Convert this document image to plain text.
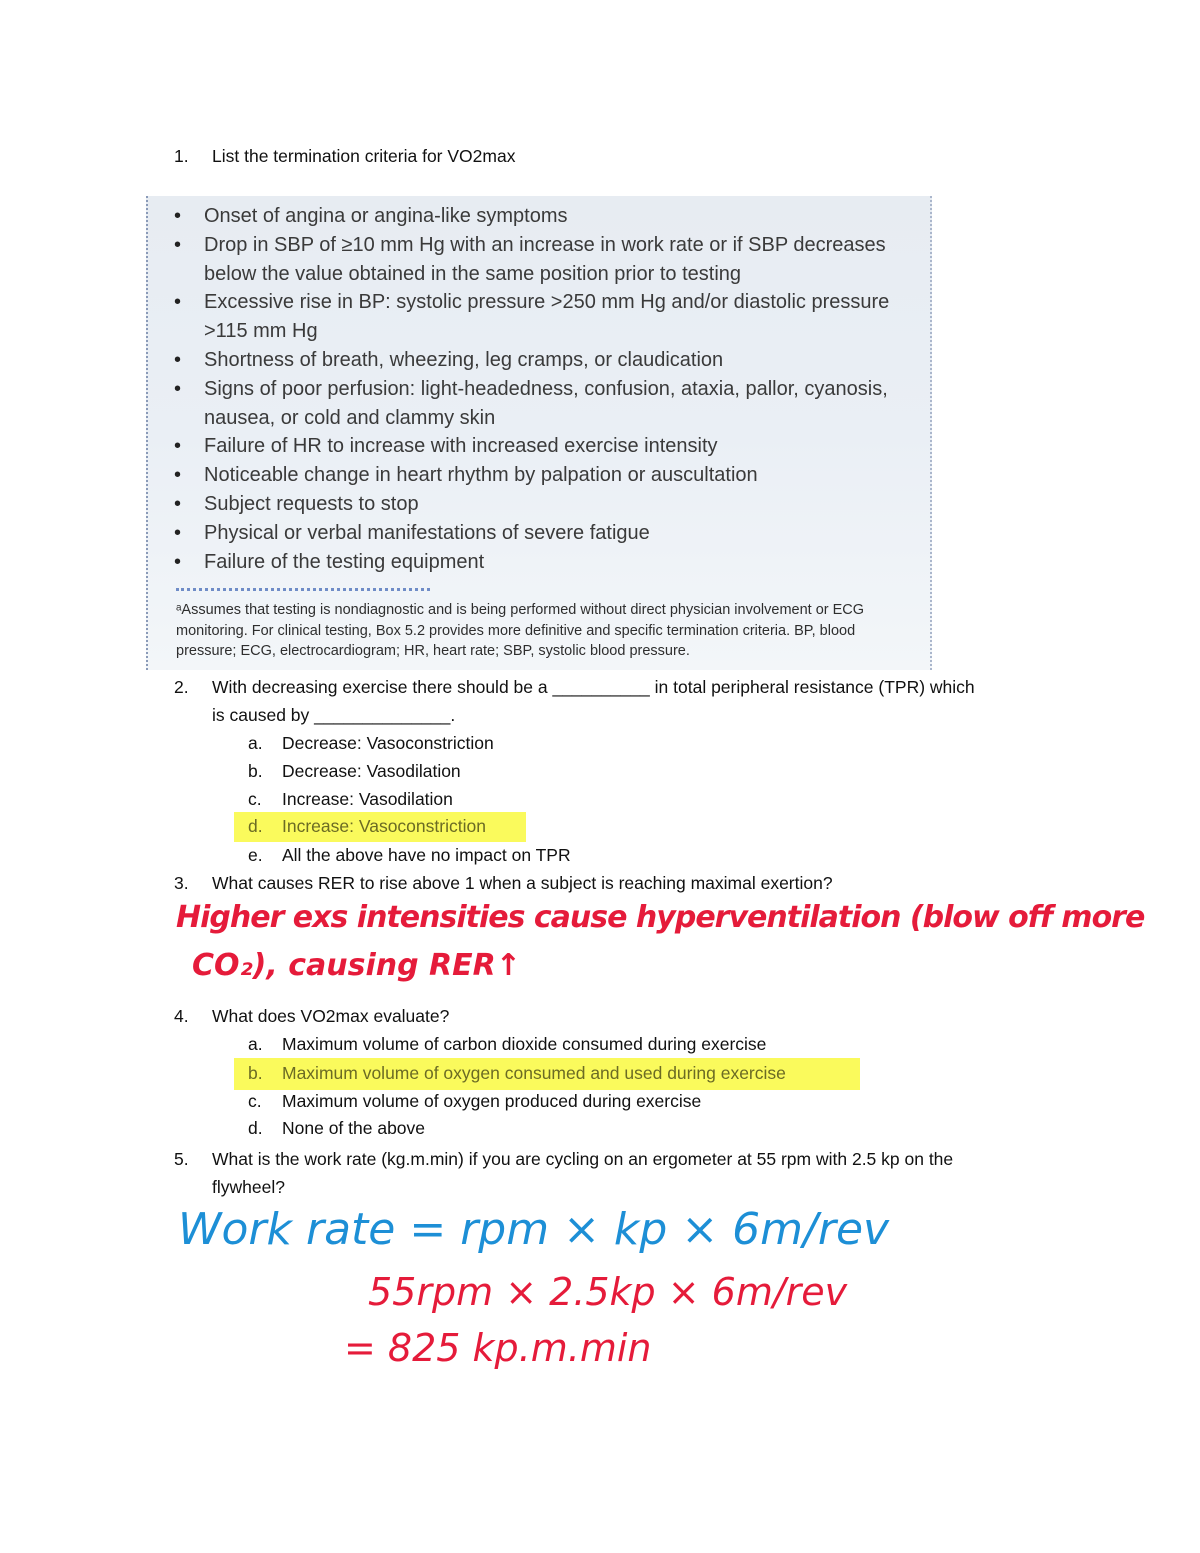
1. List the termination criteria for VO2max
• Onset of angina or angina-like symptoms
• Drop in SBP of ≥10 mm Hg with an increase in work rate or if SBP decreases below the value obtained in the same position prior to testing
• Excessive rise in BP: systolic pressure >250 mm Hg and/or diastolic pressure >115 mm Hg
• Shortness of breath, wheezing, leg cramps, or claudication
• Signs of poor perfusion: light-headedness, confusion, ataxia, pallor, cyanosis, nausea, or cold and clammy skin
• Failure of HR to increase with increased exercise intensity
• Noticeable change in heart rhythm by palpation or auscultation
• Subject requests to stop
• Physical or verbal manifestations of severe fatigue
• Failure of the testing equipment
ᵃAssumes that testing is nondiagnostic and is being performed without direct physician involvement or ECG monitoring. For clinical testing, Box 5.2 provides more definitive and specific termination criteria. BP, blood pressure; ECG, electrocardiogram; HR, heart rate; SBP, systolic blood pressure.
2. With decreasing exercise there should be a __________ in total peripheral resistance (TPR) which
is caused by ______________.
a. Decrease: Vasoconstriction
b. Decrease: Vasodilation
c. Increase: Vasodilation
d. Increase: Vasoconstriction
e. All the above have no impact on TPR
3. What causes RER to rise above 1 when a subject is reaching maximal exertion?
Higher exs intensities cause hyperventilation (blow off more
CO₂), causing RER↑
4. What does VO2max evaluate?
a. Maximum volume of carbon dioxide consumed during exercise
b. Maximum volume of oxygen consumed and used during exercise
c. Maximum volume of oxygen produced during exercise
d. None of the above
5. What is the work rate (kg.m.min) if you are cycling on an ergometer at 55 rpm with 2.5 kp on the
flywheel?
Work rate = rpm × kp × 6m/rev
55rpm × 2.5kp × 6m/rev
= 825 kp.m.min
